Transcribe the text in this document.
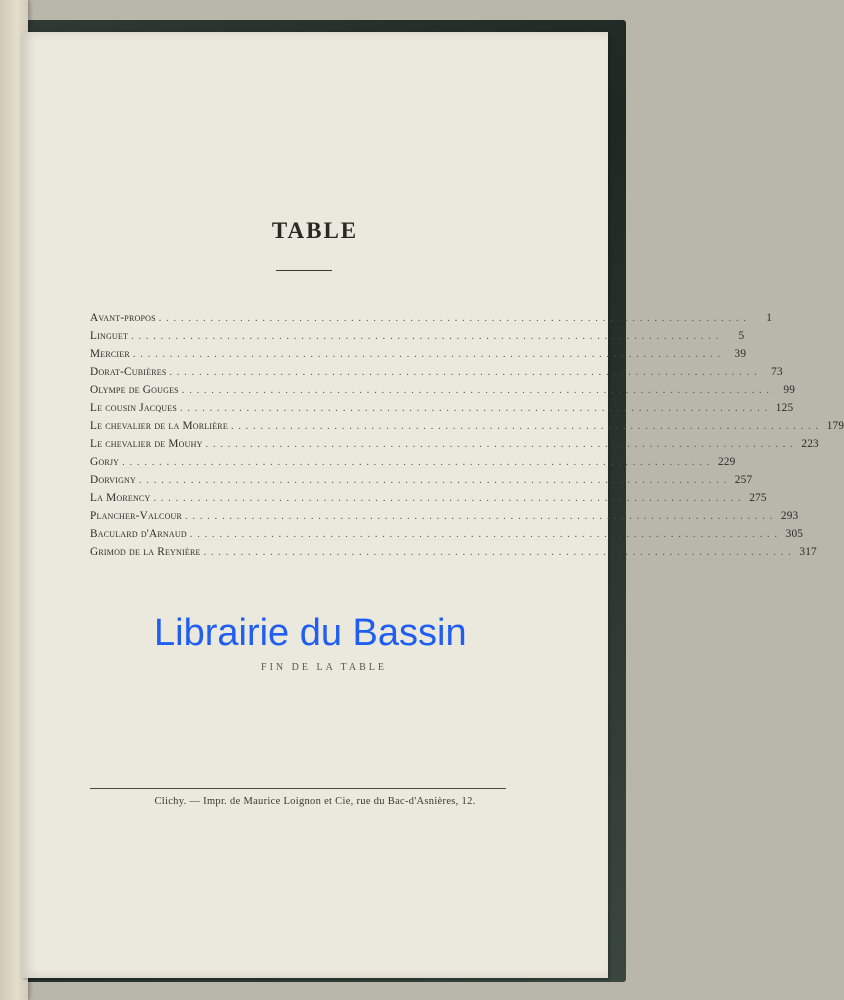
TABLE
Avant-propos . . . . . . . . . . . . . . . . . . . . . . . . . . . . . . . . . . . . . . . . . . . . . . . . . . . . . . . . . . . . . . . . . . . . . . . . . . . . . . . .	1
Linguet . . . . . . . . . . . . . . . . . . . . . . . . . . . . . . . . . . . . . . . . . . . . . . . . . . . . . . . . . . . . . . . . . . . . . . . . . . . . . . . .	5
Mercier . . . . . . . . . . . . . . . . . . . . . . . . . . . . . . . . . . . . . . . . . . . . . . . . . . . . . . . . . . . . . . . . . . . . . . . . . . . . . . . .	39
Dorat-Cubières . . . . . . . . . . . . . . . . . . . . . . . . . . . . . . . . . . . . . . . . . . . . . . . . . . . . . . . . . . . . . . . . . . . . . . . . . . . . . . . .	73
Olympe de Gouges . . . . . . . . . . . . . . . . . . . . . . . . . . . . . . . . . . . . . . . . . . . . . . . . . . . . . . . . . . . . . . . . . . . . . . . . . . . . . . . .	99
Le cousin Jacques . . . . . . . . . . . . . . . . . . . . . . . . . . . . . . . . . . . . . . . . . . . . . . . . . . . . . . . . . . . . . . . . . . . . . . . . . . . . . . . . 125
Le chevalier de la Morlière . . . . . . . . . . . . . . . . . . . . . . . . . . . . . . . . . . . . . . . . . . . . . . . . . . . . . . . . . . . . . . . . . . . . . . . . . . . . . . . . 179
Le chevalier de Mouhy . . . . . . . . . . . . . . . . . . . . . . . . . . . . . . . . . . . . . . . . . . . . . . . . . . . . . . . . . . . . . . . . . . . . . . . . . . . . . . . . 223
Gorjy . . . . . . . . . . . . . . . . . . . . . . . . . . . . . . . . . . . . . . . . . . . . . . . . . . . . . . . . . . . . . . . . . . . . . . . . . . . . . . . . 229
Dorvigny . . . . . . . . . . . . . . . . . . . . . . . . . . . . . . . . . . . . . . . . . . . . . . . . . . . . . . . . . . . . . . . . . . . . . . . . . . . . . . . . 257
La Morency . . . . . . . . . . . . . . . . . . . . . . . . . . . . . . . . . . . . . . . . . . . . . . . . . . . . . . . . . . . . . . . . . . . . . . . . . . . . . . . . 275
Plancher-Valcour . . . . . . . . . . . . . . . . . . . . . . . . . . . . . . . . . . . . . . . . . . . . . . . . . . . . . . . . . . . . . . . . . . . . . . . . . . . . . . . . 293
Baculard d'Arnaud . . . . . . . . . . . . . . . . . . . . . . . . . . . . . . . . . . . . . . . . . . . . . . . . . . . . . . . . . . . . . . . . . . . . . . . . . . . . . . . . 305
Grimod de la Reynière . . . . . . . . . . . . . . . . . . . . . . . . . . . . . . . . . . . . . . . . . . . . . . . . . . . . . . . . . . . . . . . . . . . . . . . . . . . . . . . . 317
FIN DE LA TABLE
Clichy. — Impr. de Maurice Loignon et Cie, rue du Bac-d'Asnières, 12.
Librairie du Bassin
